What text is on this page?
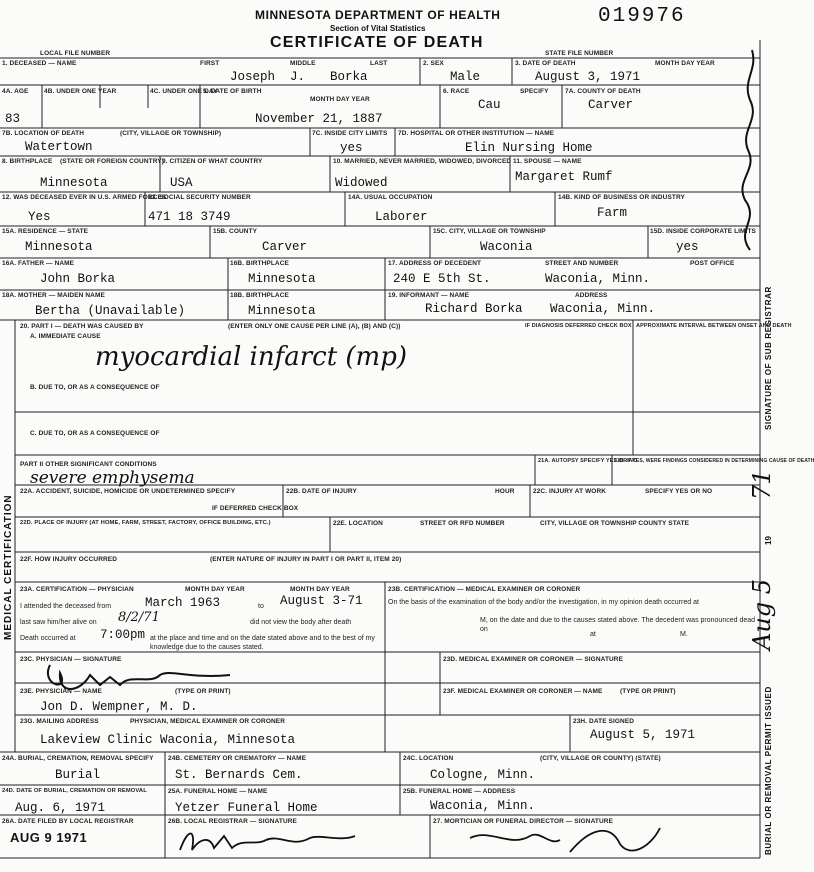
MINNESOTA DEPARTMENT OF HEALTH
Section of Vital Statistics
CERTIFICATE OF DEATH
019976
LOCAL FILE NUMBER	STATE FILE NUMBER
1. DECEASED — NAME	FIRST	MIDDLE	LAST
Joseph J. Borka
2. SEX
Male
3. DATE OF DEATH	MONTH DAY YEAR
August 3, 1971
4A. AGE
83
4B. UNDER ONE YEAR	4C. UNDER ONE DAY
5. DATE OF BIRTH
MONTH DAY YEAR
November 21, 1887
6. RACE	SPECIFY
Cau
7A. COUNTY OF DEATH
Carver
7B. LOCATION OF DEATH	(CITY, VILLAGE OR TOWNSHIP)
Watertown
7C. INSIDE CITY LIMITS
yes
7D. HOSPITAL OR OTHER INSTITUTION — NAME
Elin Nursing Home
8. BIRTHPLACE (STATE OR FOREIGN COUNTRY)
Minnesota
9. CITIZEN OF WHAT COUNTRY
USA
10. MARRIED, NEVER MARRIED, WIDOWED, DIVORCED
Widowed
11. SPOUSE — NAME
Margaret Rumf
12. WAS DECEASED EVER IN U.S. ARMED FORCES
Yes
13. SOCIAL SECURITY NUMBER
471 18 3749
14A. USUAL OCCUPATION
Laborer
14B. KIND OF BUSINESS OR INDUSTRY
Farm
15A. RESIDENCE — STATE
Minnesota
15B. COUNTY
Carver
15C. CITY, VILLAGE OR TOWNSHIP
Waconia
15D. INSIDE CORPORATE LIMITS
yes
16A. FATHER — NAME
John Borka
16B. BIRTHPLACE
Minnesota
17. ADDRESS OF DECEDENT	STREET AND NUMBER	POST OFFICE
240 E 5th St.	Waconia, Minn.
18A. MOTHER — MAIDEN NAME
Bertha (Unavailable)
18B. BIRTHPLACE
Minnesota
19. INFORMANT — NAME	ADDRESS
Richard Borka Waconia, Minn.
MEDICAL CERTIFICATION
20. PART I — DEATH WAS CAUSED BY	(ENTER ONLY ONE CAUSE PER LINE (A), (B) AND (C))	IF DIAGNOSIS DEFERRED CHECK BOX APPROXIMATE INTERVAL BETWEEN ONSET AND DEATH
A. IMMEDIATE CAUSE
myocardial infarct (mp)
B. DUE TO, OR AS A CONSEQUENCE OF
C. DUE TO, OR AS A CONSEQUENCE OF
PART II OTHER SIGNIFICANT CONDITIONS
severe emphysema
21A. AUTOPSY SPECIFY YES OR NO
21B. IF YES, WERE FINDINGS CONSIDERED IN DETERMINING CAUSE OF DEATH
22A. ACCIDENT, SUICIDE, HOMICIDE OR UNDETERMINED SPECIFY
IF DEFERRED CHECK BOX
22B. DATE OF INJURY	HOUR	22C. INJURY AT WORK	SPECIFY YES OR NO
22D. PLACE OF INJURY (AT HOME, FARM, STREET, FACTORY, OFFICE BUILDING, ETC.)	22E. LOCATION	STREET OR RFD NUMBER	CITY, VILLAGE OR TOWNSHIP COUNTY STATE
22F. HOW INJURY OCCURRED	(ENTER NATURE OF INJURY IN PART I OR PART II, ITEM 20)
23A. CERTIFICATION — PHYSICIAN	MONTH DAY YEAR	MONTH DAY YEAR
I attended the deceased from	March 1963	to August 3-71
last saw him/her alive on 8/2/71	did not view the body after death
Death occurred at 7:00pm at the place and time and on the date stated above and to the best of my knowledge due to the causes stated.
23B. CERTIFICATION — MEDICAL EXAMINER OR CORONER
On the basis of the examination of the body and/or the investigation, in my opinion death occurred at
M, on the date and due to the causes stated above. The decedent was pronounced dead on
at	M.
23C. PHYSICIAN — SIGNATURE	23D. MEDICAL EXAMINER OR CORONER — SIGNATURE
23E. PHYSICIAN — NAME	(TYPE OR PRINT)
Jon D. Wempner, M. D.
23F. MEDICAL EXAMINER OR CORONER — NAME	(TYPE OR PRINT)
23G. MAILING ADDRESS	PHYSICIAN, MEDICAL EXAMINER OR CORONER
Lakeview Clinic Waconia, Minnesota
23H. DATE SIGNED
August 5, 1971
24A. BURIAL, CREMATION, REMOVAL SPECIFY
Burial
24B. CEMETERY OR CREMATORY — NAME
St. Bernards Cem.
24C. LOCATION	(CITY, VILLAGE OR COUNTY) (STATE)
Cologne, Minn.
24D. DATE OF BURIAL, CREMATION OR REMOVAL
Aug. 6, 1971
25A. FUNERAL HOME — NAME
Yetzer Funeral Home
25B. FUNERAL HOME — ADDRESS
Waconia, Minn.
26A. DATE FILED BY LOCAL REGISTRAR
AUG 9 1971
26B. LOCAL REGISTRAR — SIGNATURE	27. MORTICIAN OR FUNERAL DIRECTOR — SIGNATURE
SIGNATURE OF SUB REGISTRAR
BURIAL OR REMOVAL PERMIT ISSUED
19
Aug 5
71
